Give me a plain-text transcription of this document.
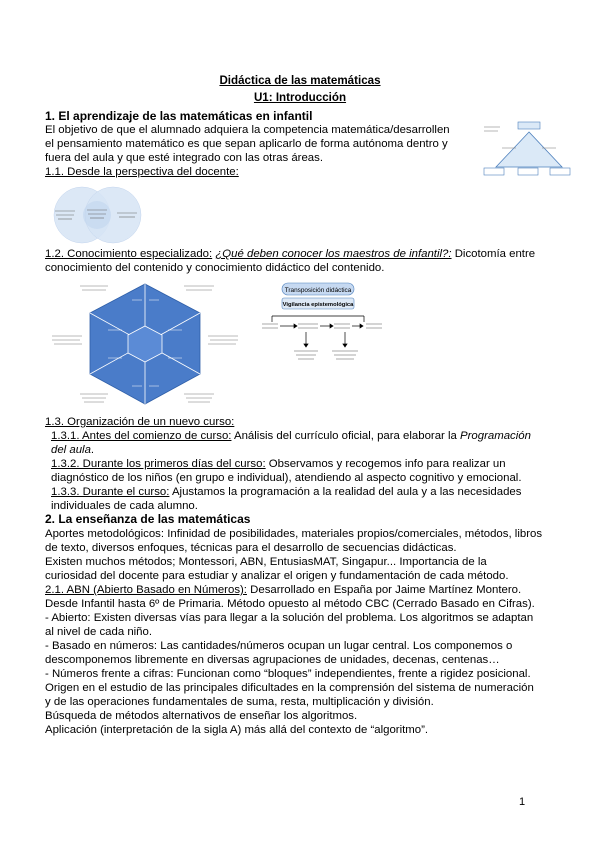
Didáctica de las matemáticas
U1: Introducción
1. El aprendizaje de las matemáticas en infantil
El objetivo de que el alumnado adquiera la competencia matemática/desarrollen
el pensamiento matemático es que sepan aplicarlo de forma autónoma dentro y
fuera del aula y que esté integrado con las otras áreas.
1.1. Desde la perspectiva del docente:
1.2. Conocimiento especializado: ¿Qué deben conocer los maestros de infantil?: Dicotomía entre
conocimiento del contenido y conocimiento didáctico del contenido.
Transposición didáctica
Vigilancia epistemológica
1.3. Organización de un nuevo curso:
1.3.1. Antes del comienzo de curso: Análisis del currículo oficial, para elaborar la Programación
del aula.
1.3.2. Durante los primeros días del curso: Observamos y recogemos info para realizar un
diagnóstico de los niños (en grupo e individual), atendiendo al aspecto cognitivo y emocional.
1.3.3. Durante el curso: Ajustamos la programación a la realidad del aula y a las necesidades
individuales de cada alumno.
2. La enseñanza de las matemáticas
Aportes metodológicos: Infinidad de posibilidades, materiales propios/comerciales, métodos, libros
de texto, diversos enfoques, técnicas para el desarrollo de secuencias didácticas.
Existen muchos métodos; Montessori, ABN, EntusiasMAT, Singapur... Importancia de la
curiosidad del docente para estudiar y analizar el origen y fundamentación de cada método.
2.1. ABN (Abierto Basado en Números): Desarrollado en España por Jaime Martínez Montero.
Desde Infantil hasta 6º de Primaria. Método opuesto al método CBC (Cerrado Basado en Cifras).
- Abierto: Existen diversas vías para llegar a la solución del problema. Los algoritmos se adaptan
al nivel de cada niño.
- Basado en números: Las cantidades/números ocupan un lugar central. Los componemos o
descomponemos libremente en diversas agrupaciones de unidades, decenas, centenas…
- Números frente a cifras: Funcionan como “bloques” independientes, frente a rigidez posicional.
Origen en el estudio de las principales dificultades en la comprensión del sistema de numeración
y de las operaciones fundamentales de suma, resta, multiplicación y división.
Búsqueda de métodos alternativos de enseñar los algoritmos.
Aplicación (interpretación de la sigla A) más allá del contexto de “algoritmo”.
1
